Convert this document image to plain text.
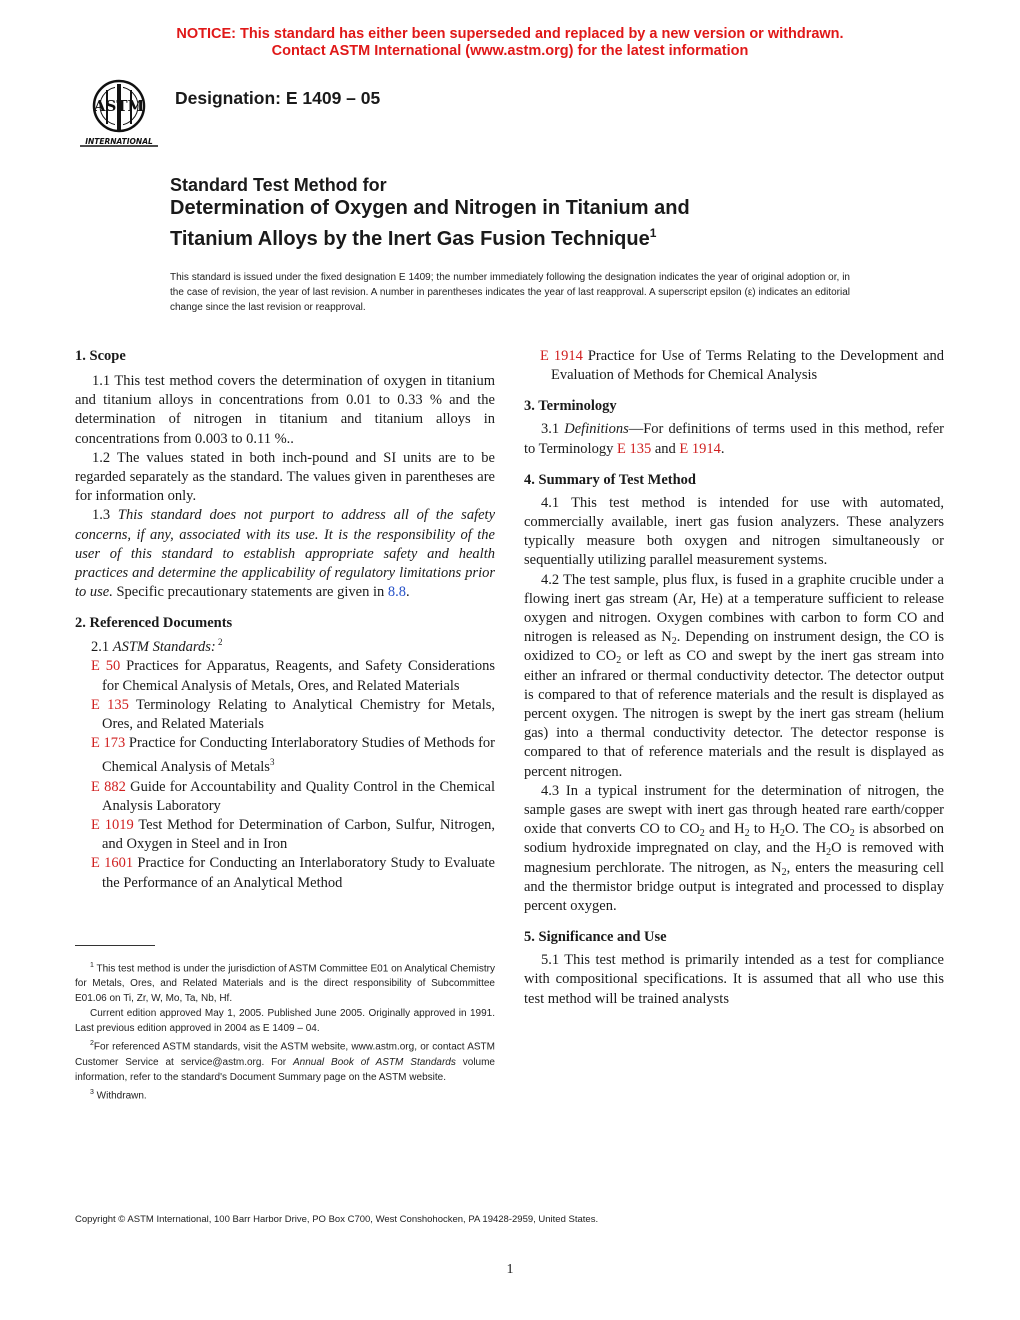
NOTICE: This standard has either been superseded and replaced by a new version or withdrawn.
Contact ASTM International (www.astm.org) for the latest information
ASTM
INTERNATIONAL
Designation: E 1409 – 05
Standard Test Method for
Determination of Oxygen and Nitrogen in Titanium and
Titanium Alloys by the Inert Gas Fusion Technique$^1$
This standard is issued under the fixed designation E 1409; the number immediately following the designation indicates the year of original adoption or, in the case of revision, the year of last revision. A number in parentheses indicates the year of last reapproval. A superscript epsilon (ε) indicates an editorial change since the last revision or reapproval.
1. Scope

1.1 This test method covers the determination of oxygen in titanium and titanium alloys in concentrations from 0.01 to 0.33 % and the determination of nitrogen in titanium and titanium alloys in concentrations from 0.003 to 0.11 %..

1.2 The values stated in both inch-pound and SI units are to be regarded separately as the standard. The values given in parentheses are for information only.

1.3 This standard does not purport to address all of the safety concerns, if any, associated with its use. It is the responsibility of the user of this standard to establish appropriate safety and health practices and determine the applicability of regulatory limitations prior to use. Specific precautionary statements are given in 8.8.

2. Referenced Documents

2.1 ASTM Standards: $^2$

E 50 Practices for Apparatus, Reagents, and Safety Considerations for Chemical Analysis of Metals, Ores, and Related Materials

E 135 Terminology Relating to Analytical Chemistry for Metals, Ores, and Related Materials

E 173 Practice for Conducting Interlaboratory Studies of Methods for Chemical Analysis of Metals$^3$

E 882 Guide for Accountability and Quality Control in the Chemical Analysis Laboratory

E 1019 Test Method for Determination of Carbon, Sulfur, Nitrogen, and Oxygen in Steel and in Iron

E 1601 Practice for Conducting an Interlaboratory Study to Evaluate the Performance of an Analytical Method

$^1$ This test method is under the jurisdiction of ASTM Committee E01 on Analytical Chemistry for Metals, Ores, and Related Materials and is the direct responsibility of Subcommittee E01.06 on Ti, Zr, W, Mo, Ta, Nb, Hf.

Current edition approved May 1, 2005. Published June 2005. Originally approved in 1991. Last previous edition approved in 2004 as E 1409 – 04.

$^2$For referenced ASTM standards, visit the ASTM website, www.astm.org, or contact ASTM Customer Service at service@astm.org. For Annual Book of ASTM Standards volume information, refer to the standard's Document Summary page on the ASTM website.

$^3$ Withdrawn.

E 1914 Practice for Use of Terms Relating to the Development and Evaluation of Methods for Chemical Analysis

3. Terminology

3.1 Definitions—For definitions of terms used in this method, refer to Terminology E 135 and E 1914.

4. Summary of Test Method

4.1 This test method is intended for use with automated, commercially available, inert gas fusion analyzers. These analyzers typically measure both oxygen and nitrogen simultaneously or sequentially utilizing parallel measurement systems.

4.2 The test sample, plus flux, is fused in a graphite crucible under a flowing inert gas stream (Ar, He) at a temperature sufficient to release oxygen and nitrogen. Oxygen combines with carbon to form CO and nitrogen is released as $N_2$. Depending on instrument design, the CO is oxidized to $CO_2$ or left as CO and swept by the inert gas stream into either an infrared or thermal conductivity detector. The detector output is compared to that of reference materials and the result is displayed as percent oxygen. The nitrogen is swept by the inert gas stream (helium gas) into a thermal conductivity detector. The detector response is compared to that of reference materials and the result is displayed as percent nitrogen.

4.3 In a typical instrument for the determination of nitrogen, the sample gases are swept with inert gas through heated rare earth/copper oxide that converts CO to $CO_2$ and $H_2$ to $H_2O$. The $CO_2$ is absorbed on sodium hydroxide impregnated on clay, and the $H_2O$ is removed with magnesium perchlorate. The nitrogen, as $N_2$, enters the measuring cell and the thermistor bridge output is integrated and processed to display percent oxygen.

5. Significance and Use

5.1 This test method is primarily intended as a test for compliance with compositional specifications. It is assumed that all who use this test method will be trained analysts

Copyright © ASTM International, 100 Barr Harbor Drive, PO Box C700, West Conshohocken, PA 19428-2959, United States.
1
